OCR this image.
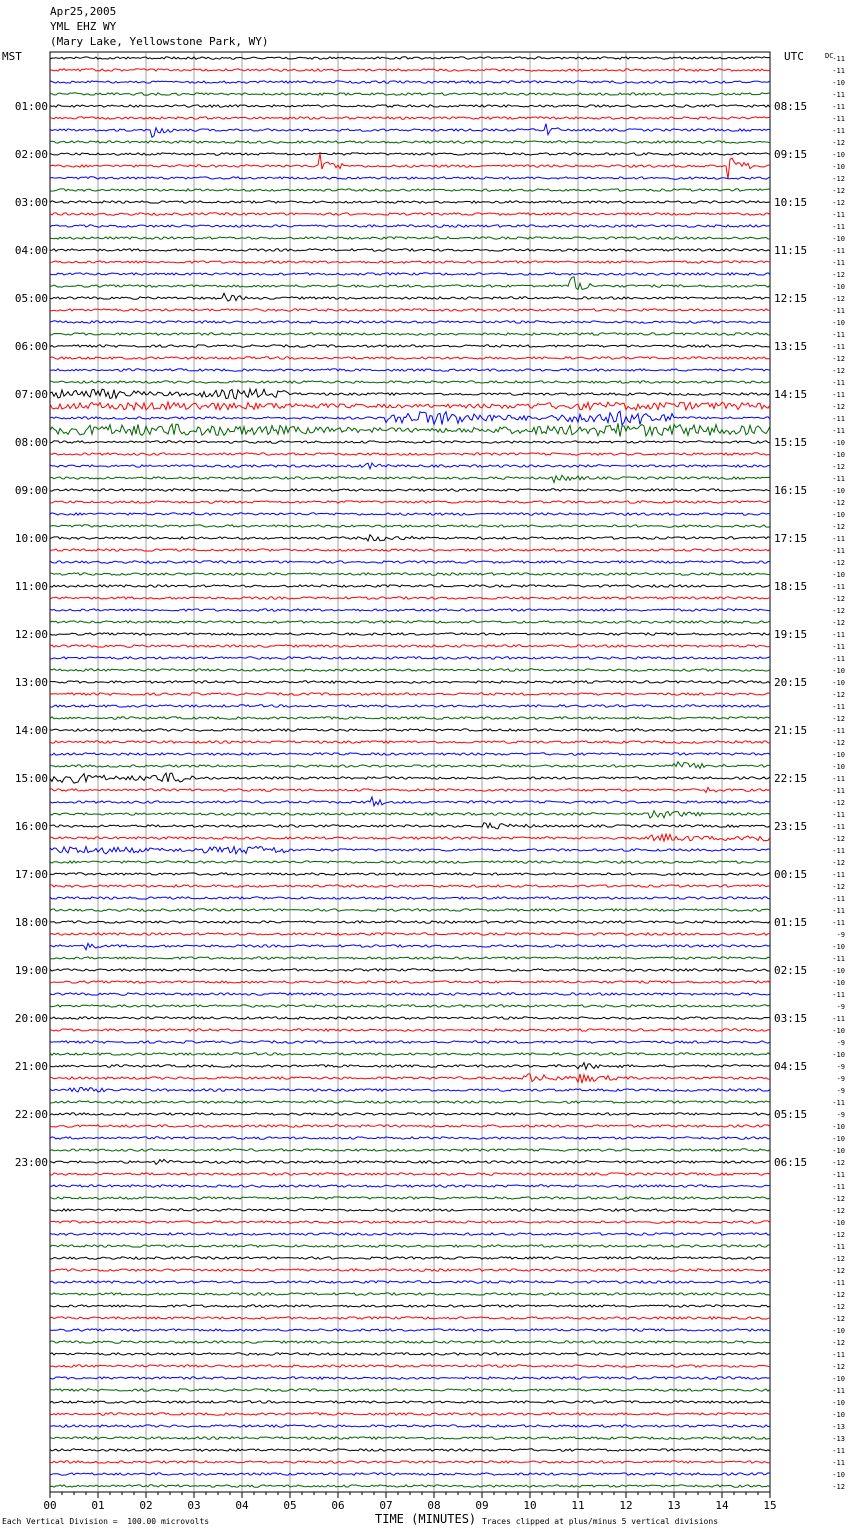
Apr25,2005
YML EHZ WY
(Mary Lake, Yellowstone Park, WY)
MST	UTC
00	01	02	03	04	05	06	07	08	09	10	11	12	13	14	15
01:00
02:00
03:00
04:00
05:00
06:00
07:00
08:00
09:00
10:00
11:00
12:00
13:00
14:00
15:00
16:00
17:00
18:00
19:00
20:00
21:00
22:00
23:00
08:15
09:15
10:15
11:15
12:15
13:15
14:15
15:15
16:15
17:15
18:15
19:15
20:15
21:15
22:15
23:15
00:15
01:15
02:15
03:15
04:15
05:15
06:15
DC
-11
-11
-10
-11
-11
-11
-11
-12
-10
-10
-12
-12
-12
-11
-11
-10
-11
-11
-12
-10
-12
-11
-10
-11
-11
-12
-12
-11
-11
-12
-11
-11
-10
-10
-12
-11
-10
-12
-10
-12
-11
-11
-12
-10
-11
-12
-12
-12
-11
-11
-11
-10
-10
-12
-11
-12
-11
-12
-10
-10
-11
-11
-12
-11
-11
-12
-11
-12
-11
-12
-11
-11
-11
-9
-10
-11
-10
-10
-11
-9
-11
-10
-9
-10
-9
-9
-9
-11
-9
-10
-10
-10
-12
-11
-11
-12
-12
-10
-12
-11
-12
-12
-11
-12
-12
-12
-10
-12
-11
-12
-10
-11
-10
-10
-13
-13
-11
-11
-10
-12
Each Vertical Division =  100.00 microvolts	TIME (MINUTES) Traces clipped at plus/minus 5 vertical divisions
